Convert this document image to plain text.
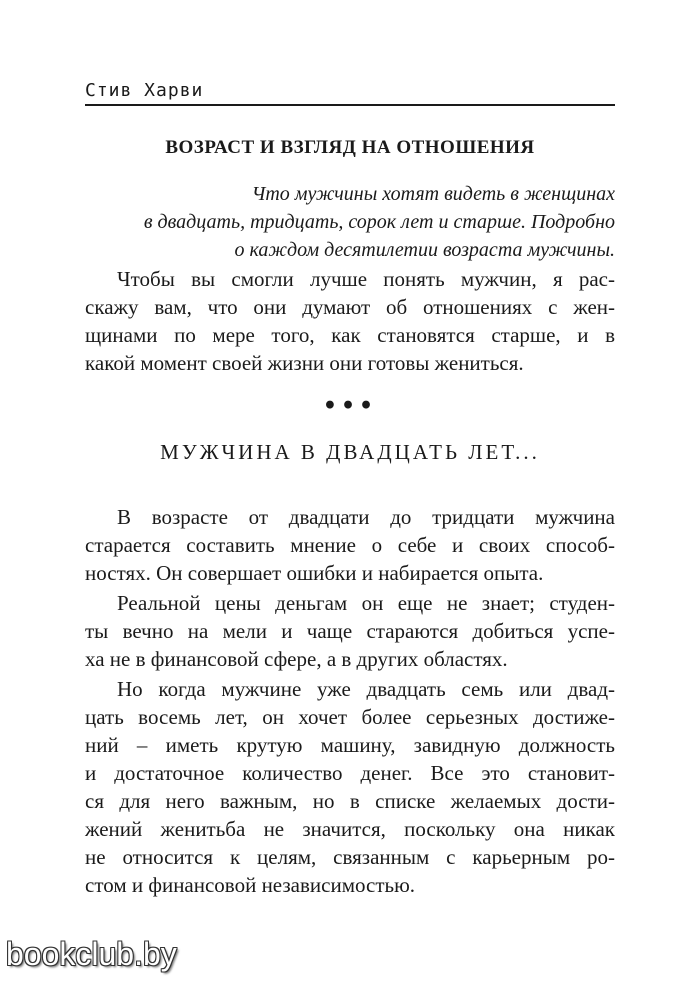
Стив Харви
ВОЗРАСТ И ВЗГЛЯД НА ОТНОШЕНИЯ
Что мужчины хотят видеть в женщинах
в двадцать, тридцать, сорок лет и старше. Подробно
о каждом десятилетии возраста мужчины.
Чтобы вы смогли лучше понять мужчин, я рас-
скажу вам, что они думают об отношениях с жен-
щинами по мере того, как становятся старше, и в
какой момент своей жизни они готовы жениться.
•••
МУЖЧИНА В ДВАДЦАТЬ ЛЕТ...
В возрасте от двадцати до тридцати мужчина
старается составить мнение о себе и своих способ-
ностях. Он совершает ошибки и набирается опыта.
Реальной цены деньгам он еще не знает; студен-
ты вечно на мели и чаще стараются добиться успе-
ха не в финансовой сфере, а в других областях.
Но когда мужчине уже двадцать семь или двад-
цать восемь лет, он хочет более серьезных достиже-
ний – иметь крутую машину, завидную должность
и достаточное количество денег. Все это становит-
ся для него важным, но в списке желаемых дости-
жений женитьба не значится, поскольку она никак
не относится к целям, связанным с карьерным ро-
стом и финансовой независимостью.
bookclub.by
